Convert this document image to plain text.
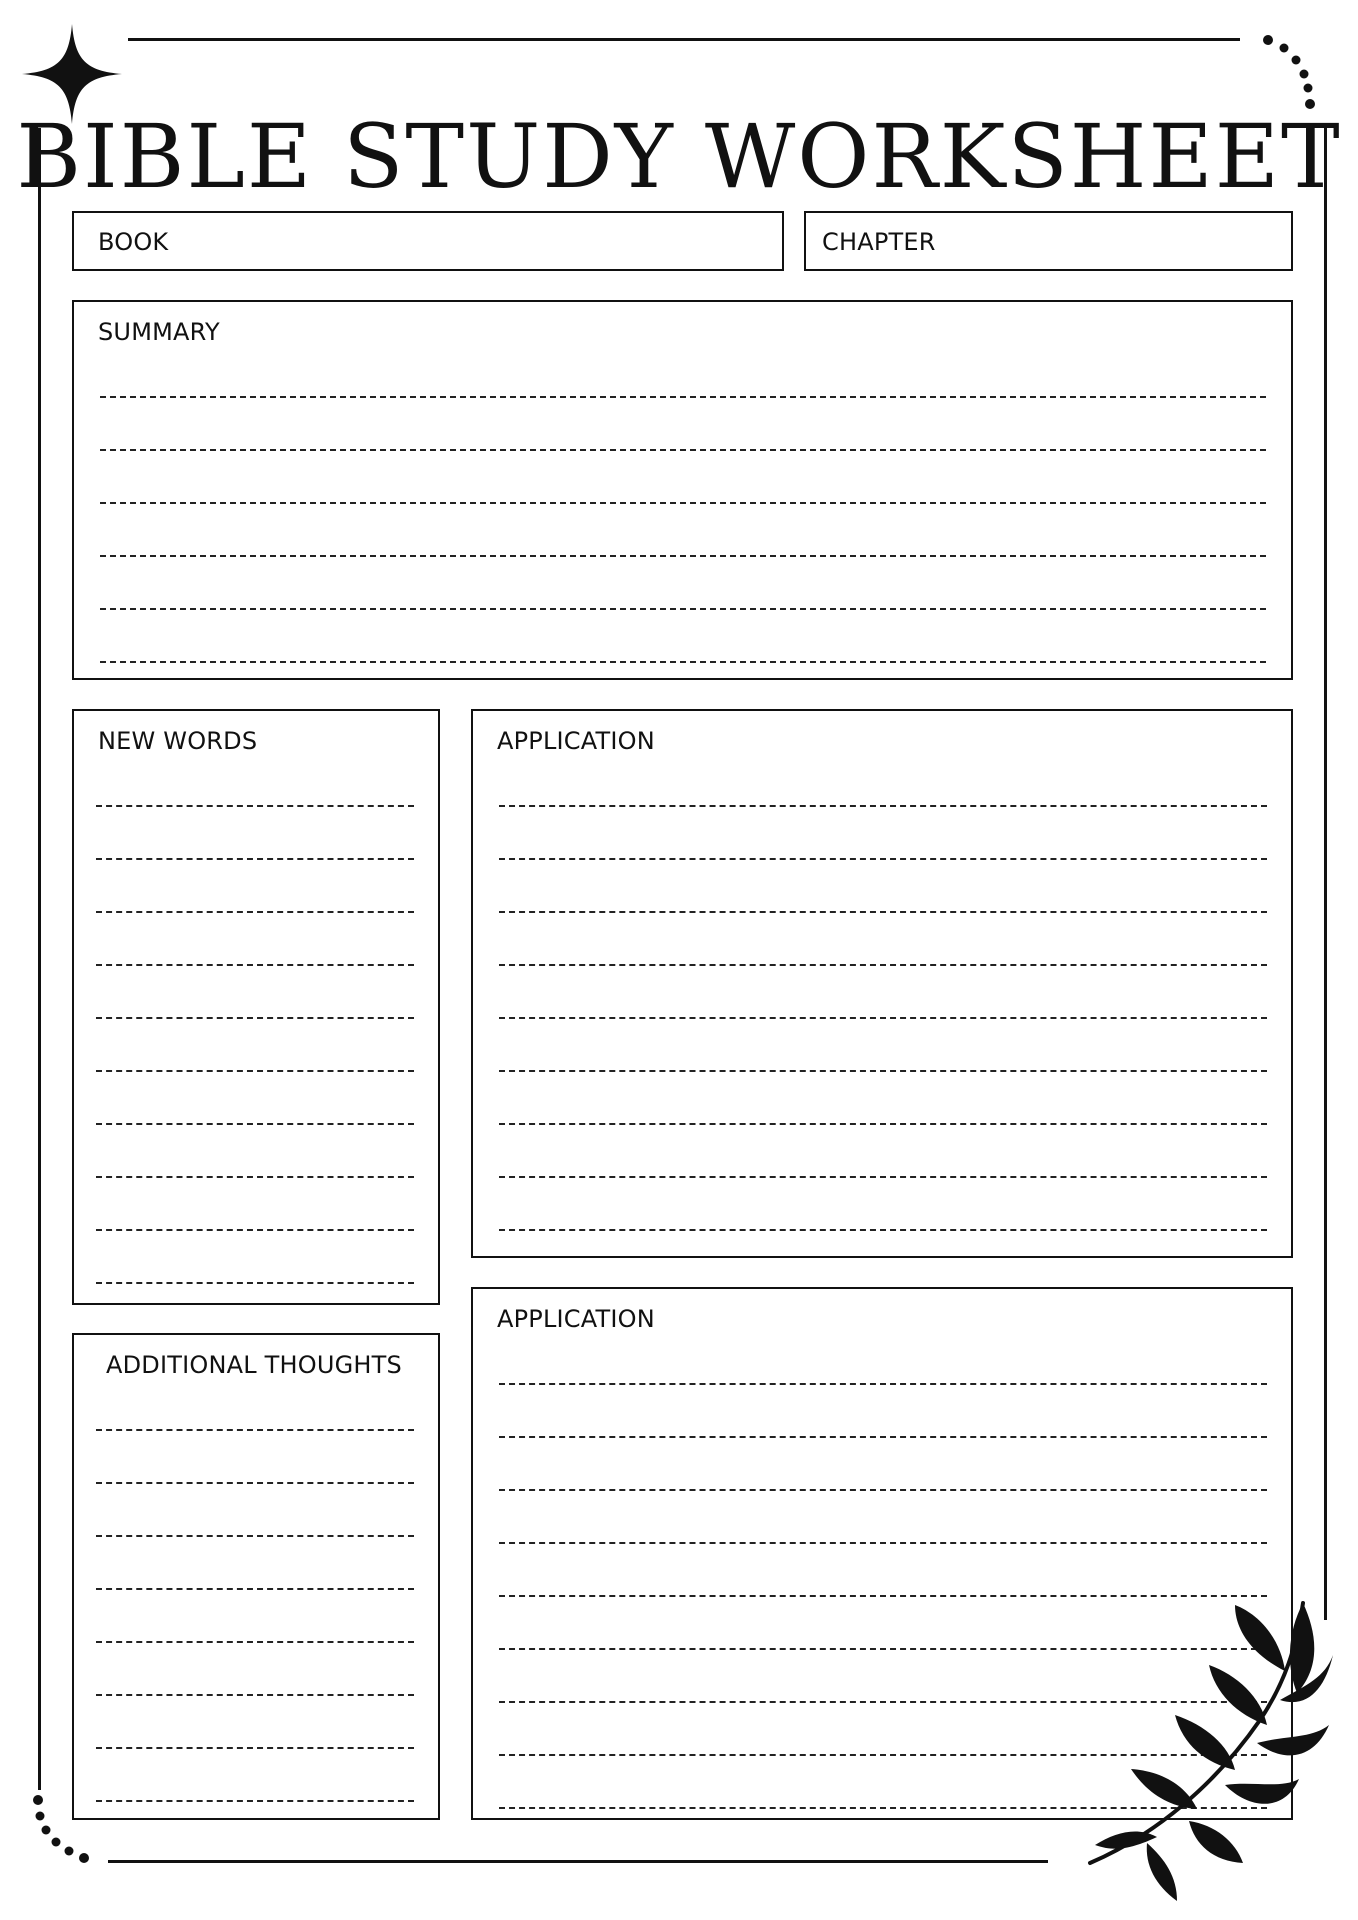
BIBLE STUDY WORKSHEET
BOOK	CHAPTER
SUMMARY
NEW WORDS	APPLICATION
ADDITIONAL THOUGHTS
APPLICATION
